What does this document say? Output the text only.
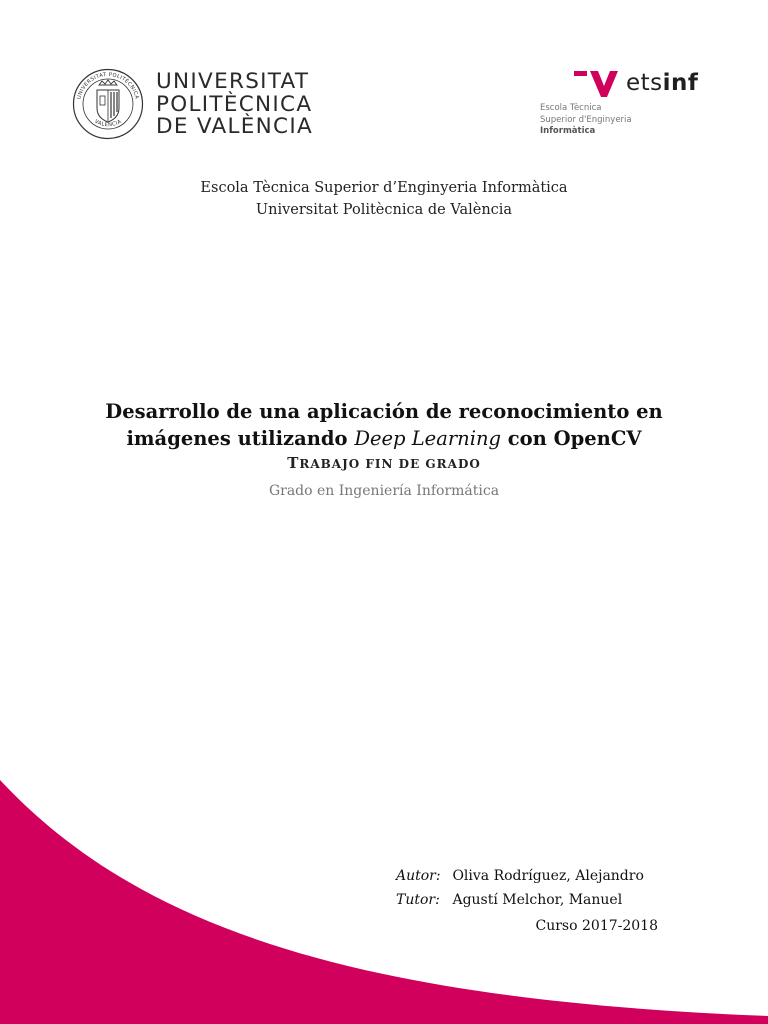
UNIVERSITAT POLITÈCNICA
VALÈNCIA
UNIVERSITAT
POLITÈCNICA
DE VALÈNCIA
etsinf
Escola Tècnica
Superior d'Enginyeria
Informàtica
Escola Tècnica Superior d’Enginyeria Informàtica
Universitat Politècnica de València
Desarrollo de una aplicación de reconocimiento en
imágenes utilizando Deep Learning con OpenCV
TRABAJO FIN DE GRADO
Grado en Ingeniería Informática
Autor: Oliva Rodríguez, Alejandro
Tutor: Agustí Melchor, Manuel
Curso 2017-2018
